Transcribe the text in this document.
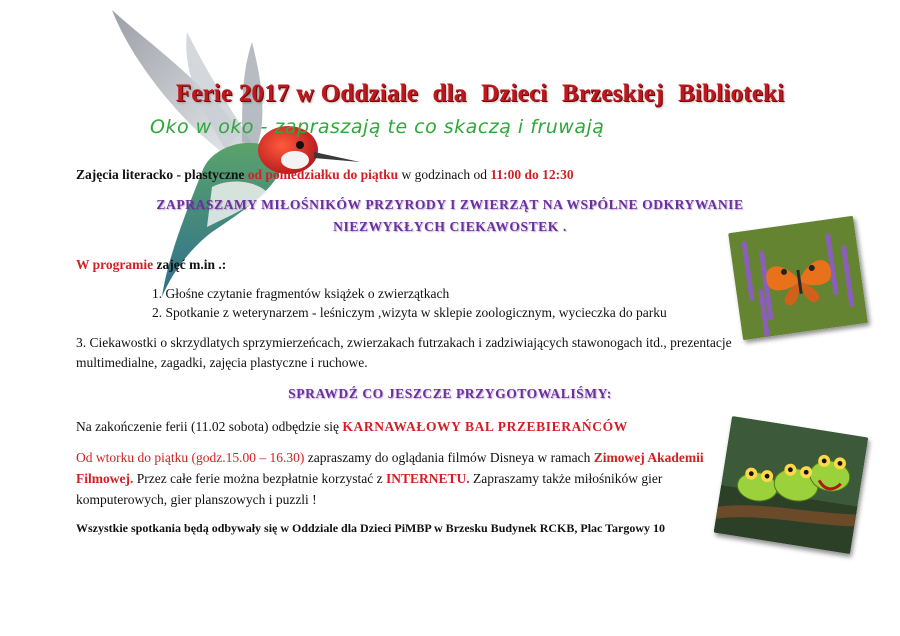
Ferie 2017 w Oddziale dla Dzieci Brzeskiej Biblioteki
Oko w oko - zapraszają te co skaczą i fruwają
Zajęcia literacko - plastyczne od poniedziałku do piątku w godzinach od 11:00 do 12:30
ZAPRASZAMY MIŁOŚNIKÓW PRZYRODY I ZWIERZĄT NA WSPÓLNE ODKRYWANIE
NIEZWYKŁYCH CIEKAWOSTEK .
W programie zajęć m.in .:
1. Głośne czytanie fragmentów książek o zwierzątkach
2. Spotkanie z weterynarzem - leśniczym ,wizyta w sklepie zoologicznym, wycieczka do parku
3. Ciekawostki o skrzydlatych sprzymierzeńcach, zwierzakach futrzakach i zadziwiających stawonogach itd., prezentacje
multimedialne, zagadki, zajęcia plastyczne i ruchowe.
SPRAWDŹ CO JESZCZE PRZYGOTOWALIŚMY:
Na zakończenie ferii (11.02 sobota) odbędzie się KARNAWAŁOWY BAL PRZEBIERAŃCÓW
Od wtorku do piątku (godz.15.00 – 16.30) zapraszamy do oglądania filmów Disneya w ramach Zimowej Akademii
Filmowej. Przez całe ferie można bezpłatnie korzystać z INTERNETU. Zapraszamy także miłośników gier
komputerowych, gier planszowych i puzzli !
Wszystkie spotkania będą odbywały się w Oddziale dla Dzieci PiMBP w Brzesku Budynek RCKB, Plac Targowy 10
